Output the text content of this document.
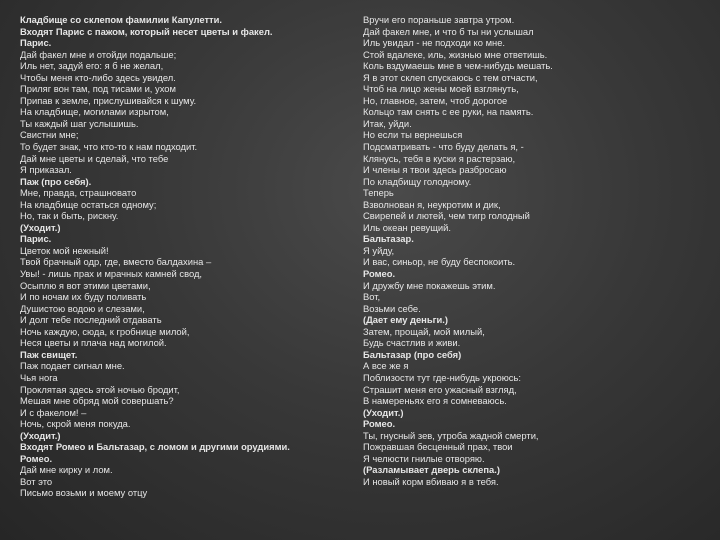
Кладбище со склепом фамилии Капулетти.
Входят Парис с пажом, который несет цветы и факел.
Парис.
Дай факел мне и отойди подальше;
Иль нет, задуй его: я б не желал,
Чтобы меня кто-либо здесь увидел.
Приляг вон там, под тисами и, ухом
Припав к земле, прислушивайся к шуму.
На кладбище, могилами изрытом,
Ты каждый шаг услышишь.
Свистни мне;
То будет знак, что кто-то к нам подходит.
Дай мне цветы и сделай, что тебе
Я приказал.
Паж (про себя).
Мне, правда, страшновато
На кладбище остаться одному;
Но, так и быть, рискну.
(Уходит.)
Парис.
Цветок мой нежный!
Твой брачный одр, где, вместо балдахина –
Увы! - лишь прах и мрачных камней свод,
Осыплю я вот этими цветами,
И по ночам их буду поливать
Душистою водою и слезами,
И долг тебе последний отдавать
Ночь каждую, сюда, к гробнице милой,
Неся цветы и плача над могилой.
Паж свищет.
Паж подает сигнал мне.
Чья нога
Проклятая здесь этой ночью бродит,
Мешая мне обряд мой совершать?
И с факелом! –
Ночь, скрой меня покуда.
(Уходит.)
Входят Ромео и Бальтазар, с ломом и другими орудиями.
Ромео.
Дай мне кирку и лом.
Вот это
Письмо возьми и моему отцу
Вручи его пораньше завтра утром.
Дай факел мне, и что б ты ни услышал
Иль увидал - не подходи ко мне.
Стой вдалеке, иль, жизнью мне ответишь.
Коль вздумаешь мне в чем-нибудь мешать.
Я в этот склеп спускаюсь с тем отчасти,
Чтоб на лицо жены моей взглянуть,
Но, главное, затем, чтоб дорогое
Кольцо там снять с ее руки, на память.
Итак, уйди.
Но если ты вернешься
Подсматривать - что буду делать я, -
Клянусь, тебя в куски я растерзаю,
И члены я твои здесь разбросаю
По кладбищу голодному.
Теперь
Взволнован я, неукротим и дик,
Свирепей и лютей, чем тигр голодный
Иль океан ревущий.
Бальтазар.
Я уйду,
И вас, синьор, не буду беспокоить.
Ромео.
И дружбу мне покажешь этим.
Вот,
Возьми себе.
(Дает ему деньги.)
Затем, прощай, мой милый,
Будь счастлив и живи.
Бальтазар (про себя)
А все же я
Поблизости тут где-нибудь укроюсь:
Страшит меня его ужасный взгляд,
В намереньях его я сомневаюсь.
(Уходит.)
Ромео.
Ты, гнусный зев, утроба жадной смерти,
Пожравшая бесценный прах, твои
Я челюсти гнилые отворяю.
(Разламывает дверь склепа.)
И новый корм вбиваю я в тебя.
